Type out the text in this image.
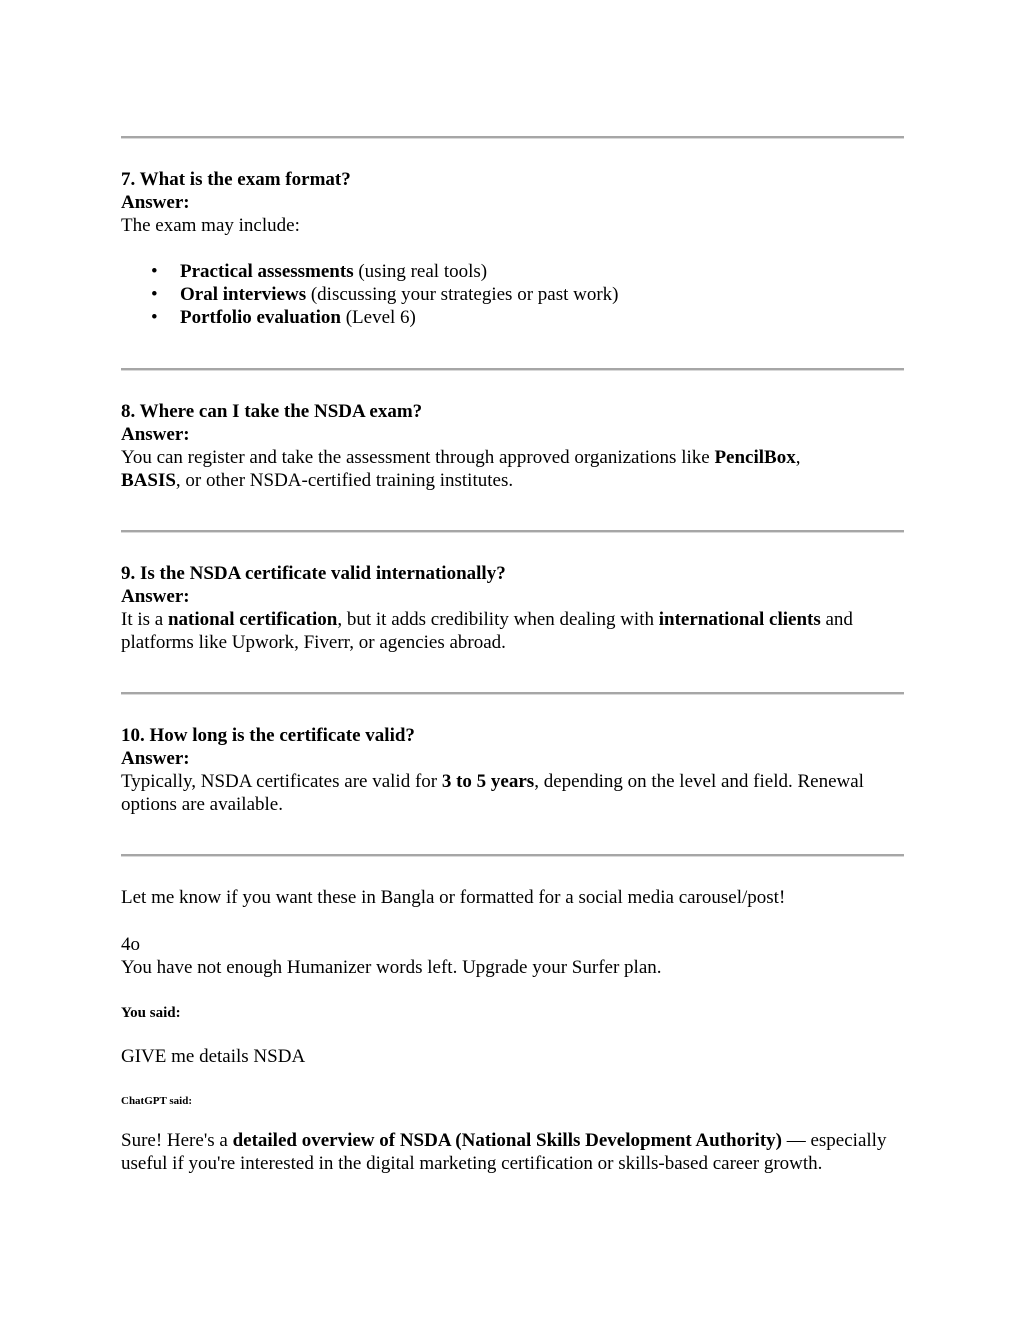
7. What is the exam format?

Answer:

The exam may include:

• Practical assessments (using real tools)
• Oral interviews (discussing your strategies or past work)
• Portfolio evaluation (Level 6)

8. Where can I take the NSDA exam?

Answer:

You can register and take the assessment through approved organizations like PencilBox,
BASIS, or other NSDA-certified training institutes.

9. Is the NSDA certificate valid internationally?

Answer:

It is a national certification, but it adds credibility when dealing with international clients and platforms like Upwork, Fiverr, or agencies abroad.

10. How long is the certificate valid?

Answer:

Typically, NSDA certificates are valid for 3 to 5 years, depending on the level and field. Renewal options are available.

Let me know if you want these in Bangla or formatted for a social media carousel/post!
4o
You have not enough Humanizer words left. Upgrade your Surfer plan.
You said:
GIVE me details NSDA
ChatGPT said:
Sure! Here's a detailed overview of NSDA (National Skills Development Authority) — especially useful if you're interested in the digital marketing certification or skills-based career growth.
